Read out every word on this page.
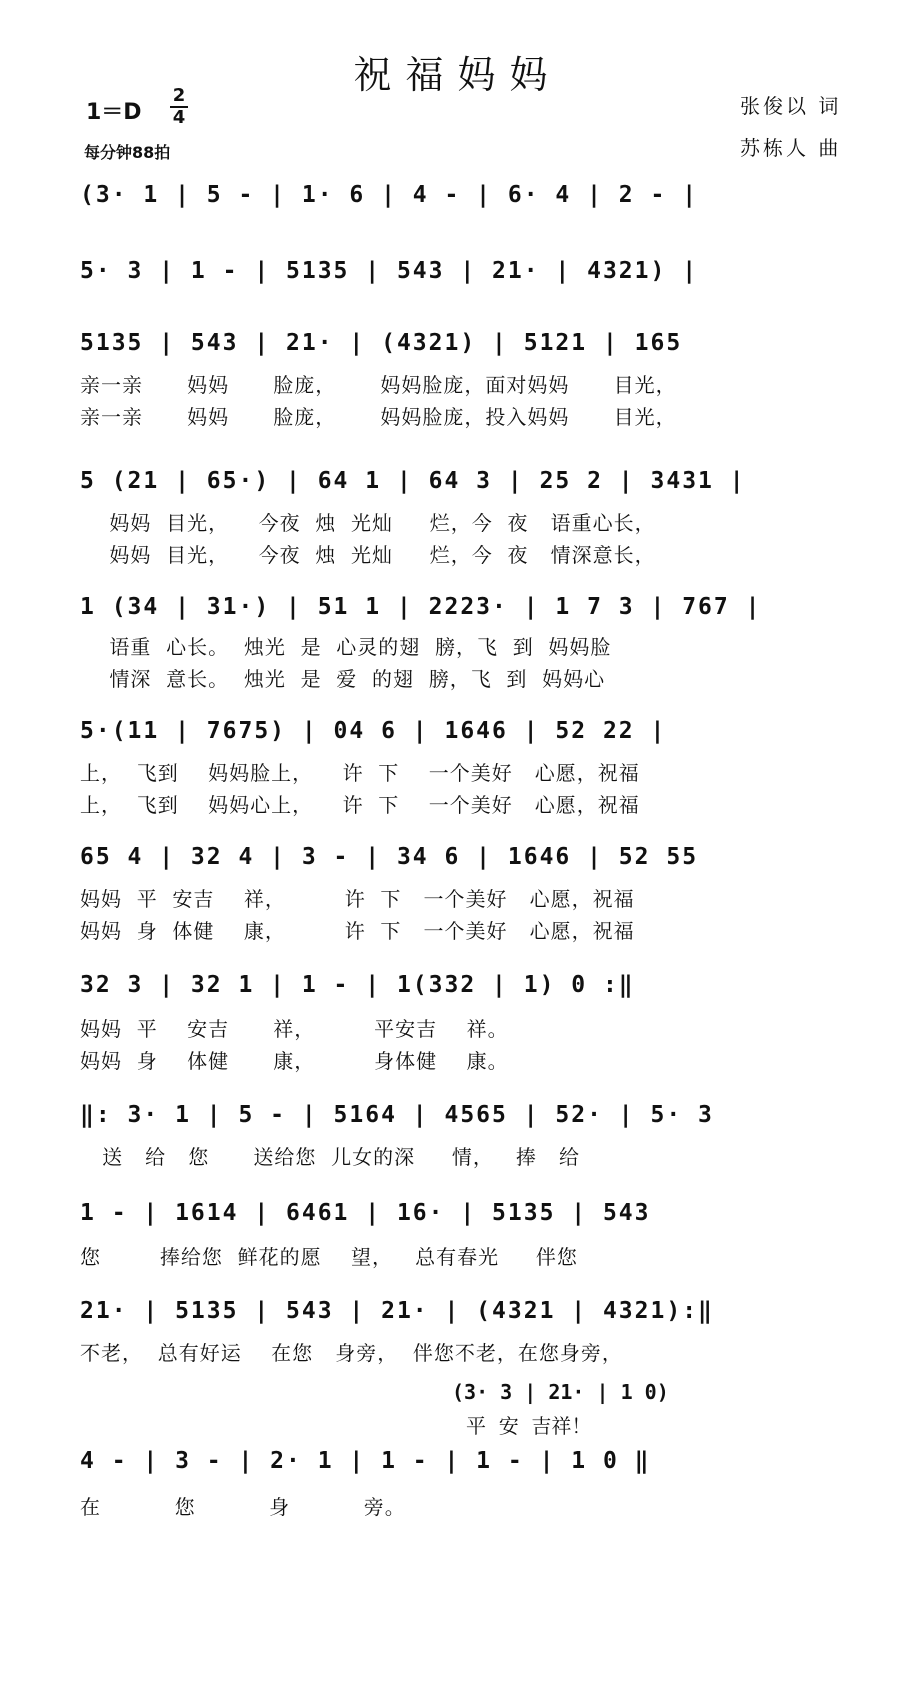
祝福妈妈
1＝D
2
4
每分钟88拍
张俊以 词
苏栋人 曲
(3· 1 | 5 - | 1· 6 | 4 - | 6· 4 | 2 - |
5· 3 | 1 - | 5135 | 543 | 21· | 4321) |
5135 | 543 | 21· | (4321) | 5121 | 165
亲一亲      妈妈      脸庞，      妈妈脸庞，面对妈妈      目光，
亲一亲      妈妈      脸庞，      妈妈脸庞，投入妈妈      目光，
5 (21 | 65·) | 64 1 | 64 3 | 25 2 | 3431 |
妈妈  目光，    今夜  烛  光灿     烂，今  夜   语重心长，
妈妈  目光，    今夜  烛  光灿     烂，今  夜   情深意长，
1 (34 | 31·) | 51 1 | 2223· | 1 7 3 | 767 |
语重  心长。  烛光  是  心灵的翅  膀，飞  到  妈妈脸
情深  意长。  烛光  是  爱  的翅  膀，飞  到  妈妈心
5·(11 | 7675) | 04 6 | 1646 | 52 22 |
上，  飞到    妈妈脸上，    许  下    一个美好   心愿，祝福
上，  飞到    妈妈心上，    许  下    一个美好   心愿，祝福
65 4 | 32 4 | 3 - | 34 6 | 1646 | 52 55
妈妈  平  安吉    祥，        许  下   一个美好   心愿，祝福
妈妈  身  体健    康，        许  下   一个美好   心愿，祝福
32 3 | 32 1 | 1 - | 1(332 | 1) 0 :‖
妈妈  平    安吉      祥，        平安吉    祥。
妈妈  身    体健      康，        身体健    康。
‖: 3· 1 | 5 - | 5164 | 4565 | 52· | 5· 3
送   给   您      送给您  儿女的深     情，   捧   给
1 - | 1614 | 6461 | 16· | 5135 | 543
您        捧给您  鲜花的愿    望，   总有春光     伴您
21· | 5135 | 543 | 21· | (4321 | 4321):‖
不老，  总有好运    在您   身旁，  伴您不老，在您身旁，
(3· 3 | 21· | 1 0)
平  安  吉祥！
4 - | 3 - | 2· 1 | 1 - | 1 - | 1 0 ‖
在          您          身          旁。
